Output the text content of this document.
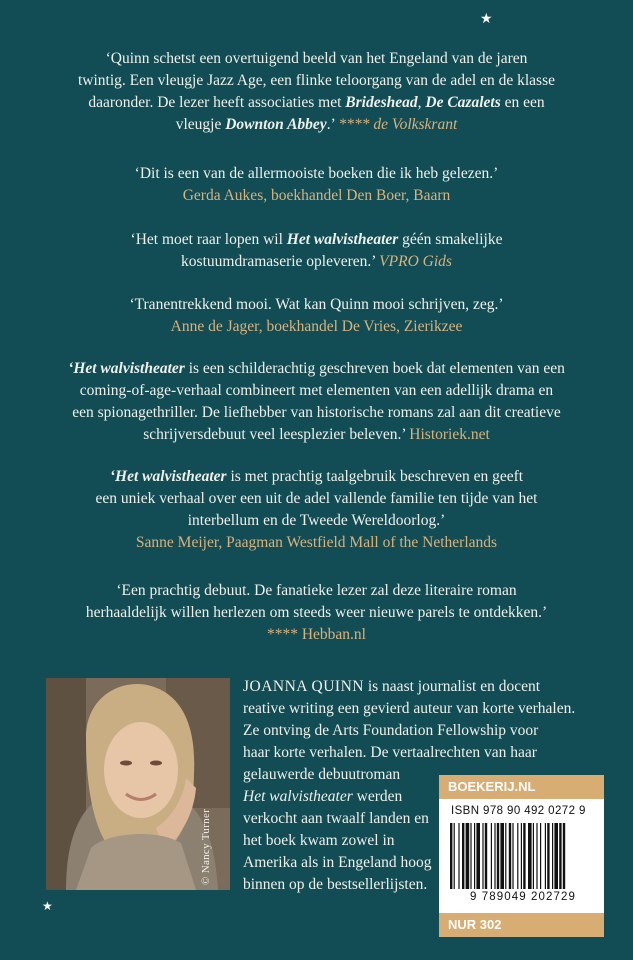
★
★
‘Quinn schetst een overtuigend beeld van het Engeland van de jaren
twintig. Een vleugje Jazz Age, een flinke teloorgang van de adel en de klasse
daaronder. De lezer heeft associaties met Brideshead, De Cazalets en een
vleugje Downton Abbey.’ **** de Volkskrant
‘Dit is een van de allermooiste boeken die ik heb gelezen.’
Gerda Aukes, boekhandel Den Boer, Baarn
‘Het moet raar lopen wil Het walvistheater géén smakelijke
kostuumdramaserie opleveren.’ VPRO Gids
‘Tranentrekkend mooi. Wat kan Quinn mooi schrijven, zeg.’
Anne de Jager, boekhandel De Vries, Zierikzee
‘Het walvistheater is een schilderachtig geschreven boek dat elementen van een
coming-of-age-verhaal combineert met elementen van een adellijk drama en
een spionagethriller. De liefhebber van historische romans zal aan dit creatieve
schrijversdebuut veel leesplezier beleven.’ Historiek.net
‘Het walvistheater is met prachtig taalgebruik beschreven en geeft
een uniek verhaal over een uit de adel vallende familie ten tijde van het
interbellum en de Tweede Wereldoorlog.’
Sanne Meijer, Paagman Westfield Mall of the Netherlands
‘Een prachtig debuut. De fanatieke lezer zal deze literaire roman
herhaaldelijk willen herlezen om steeds weer nieuwe parels te ontdekken.’
**** Hebban.nl
© Nancy Turner
JOANNA QUINN is naast journalist en docent
reative writing een gevierd auteur van korte verhalen.
Ze ontving de Arts Foundation Fellowship voor
haar korte verhalen. De vertaalrechten van haar
gelauwerde debuutroman
Het walvistheater werden
verkocht aan twaalf landen en
het boek kwam zowel in
Amerika als in Engeland hoog
binnen op de bestsellerlijsten.
BOEKERIJ.NL
ISBN 978 90 492 0272 9
9 789049 202729
NUR 302
